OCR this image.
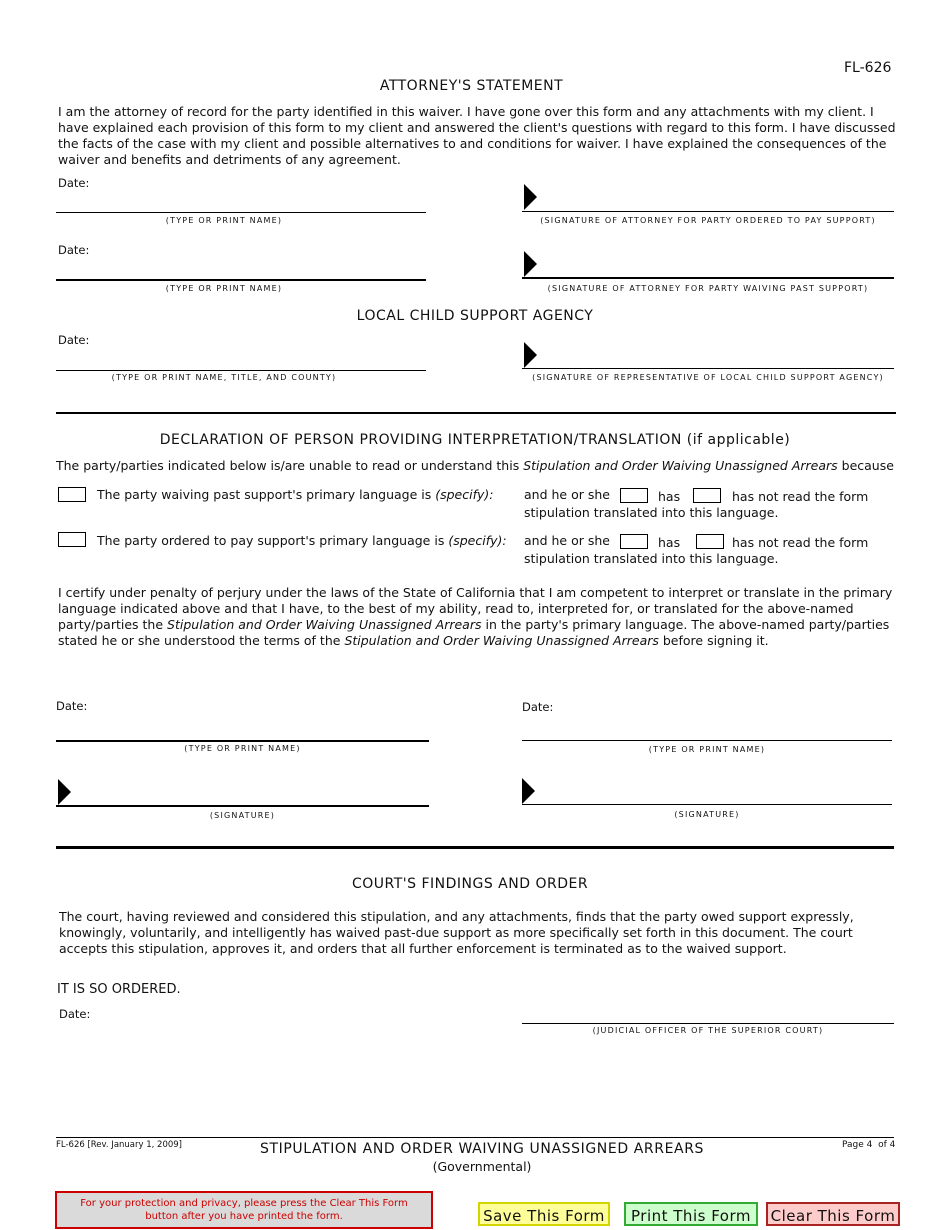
FL-626
ATTORNEY'S STATEMENT
I am the attorney of record for the party identified in this waiver. I have gone over this form and any attachments with my client. I have explained each provision of this form to my client and answered the client's questions with regard to this form. I have discussed the facts of the case with my client and possible alternatives to and conditions for waiver. I have explained the consequences of the waiver and benefits and detriments of any agreement.
Date:
(TYPE OR PRINT NAME)	(SIGNATURE OF ATTORNEY FOR PARTY ORDERED TO PAY SUPPORT)
Date:
(TYPE OR PRINT NAME)	(SIGNATURE OF ATTORNEY FOR PARTY WAIVING PAST SUPPORT)
LOCAL CHILD SUPPORT AGENCY
Date:
(TYPE OR PRINT NAME, TITLE, AND COUNTY)	(SIGNATURE OF REPRESENTATIVE OF LOCAL CHILD SUPPORT AGENCY)
DECLARATION OF PERSON PROVIDING INTERPRETATION/TRANSLATION (if applicable)
The party/parties indicated below is/are unable to read or understand this Stipulation and Order Waiving Unassigned Arrears because
The party waiving past support's primary language is (specify): and he or she	has	has not read the form
stipulation translated into this language.
The party ordered to pay support's primary language is (specify): and he or she	has	has not read the form
stipulation translated into this language.
I certify under penalty of perjury under the laws of the State of California that I am competent to interpret or translate in the primary language indicated above and that I have, to the best of my ability, read to, interpreted for, or translated for the above-named party/parties the Stipulation and Order Waiving Unassigned Arrears in the party's primary language. The above-named party/parties stated he or she understood the terms of the Stipulation and Order Waiving Unassigned Arrears before signing it.
Date:
(TYPE OR PRINT NAME)
(SIGNATURE)
Date:
(TYPE OR PRINT NAME)
(SIGNATURE)
COURT'S FINDINGS AND ORDER
The court, having reviewed and considered this stipulation, and any attachments, finds that the party owed support expressly, knowingly, voluntarily, and intelligently has waived past-due support as more specifically set forth in this document. The court accepts this stipulation, approves it, and orders that all further enforcement is terminated as to the waived support.
IT IS SO ORDERED.
Date:
(JUDICIAL OFFICER OF THE SUPERIOR COURT)
FL-626 [Rev. January 1, 2009]	STIPULATION AND ORDER WAIVING UNASSIGNED ARREARS
(Governmental)
Page 4  of 4
For your protection and privacy, please press the Clear This Form button after you have printed the form.	Save This Form	Print This Form	Clear This Form
